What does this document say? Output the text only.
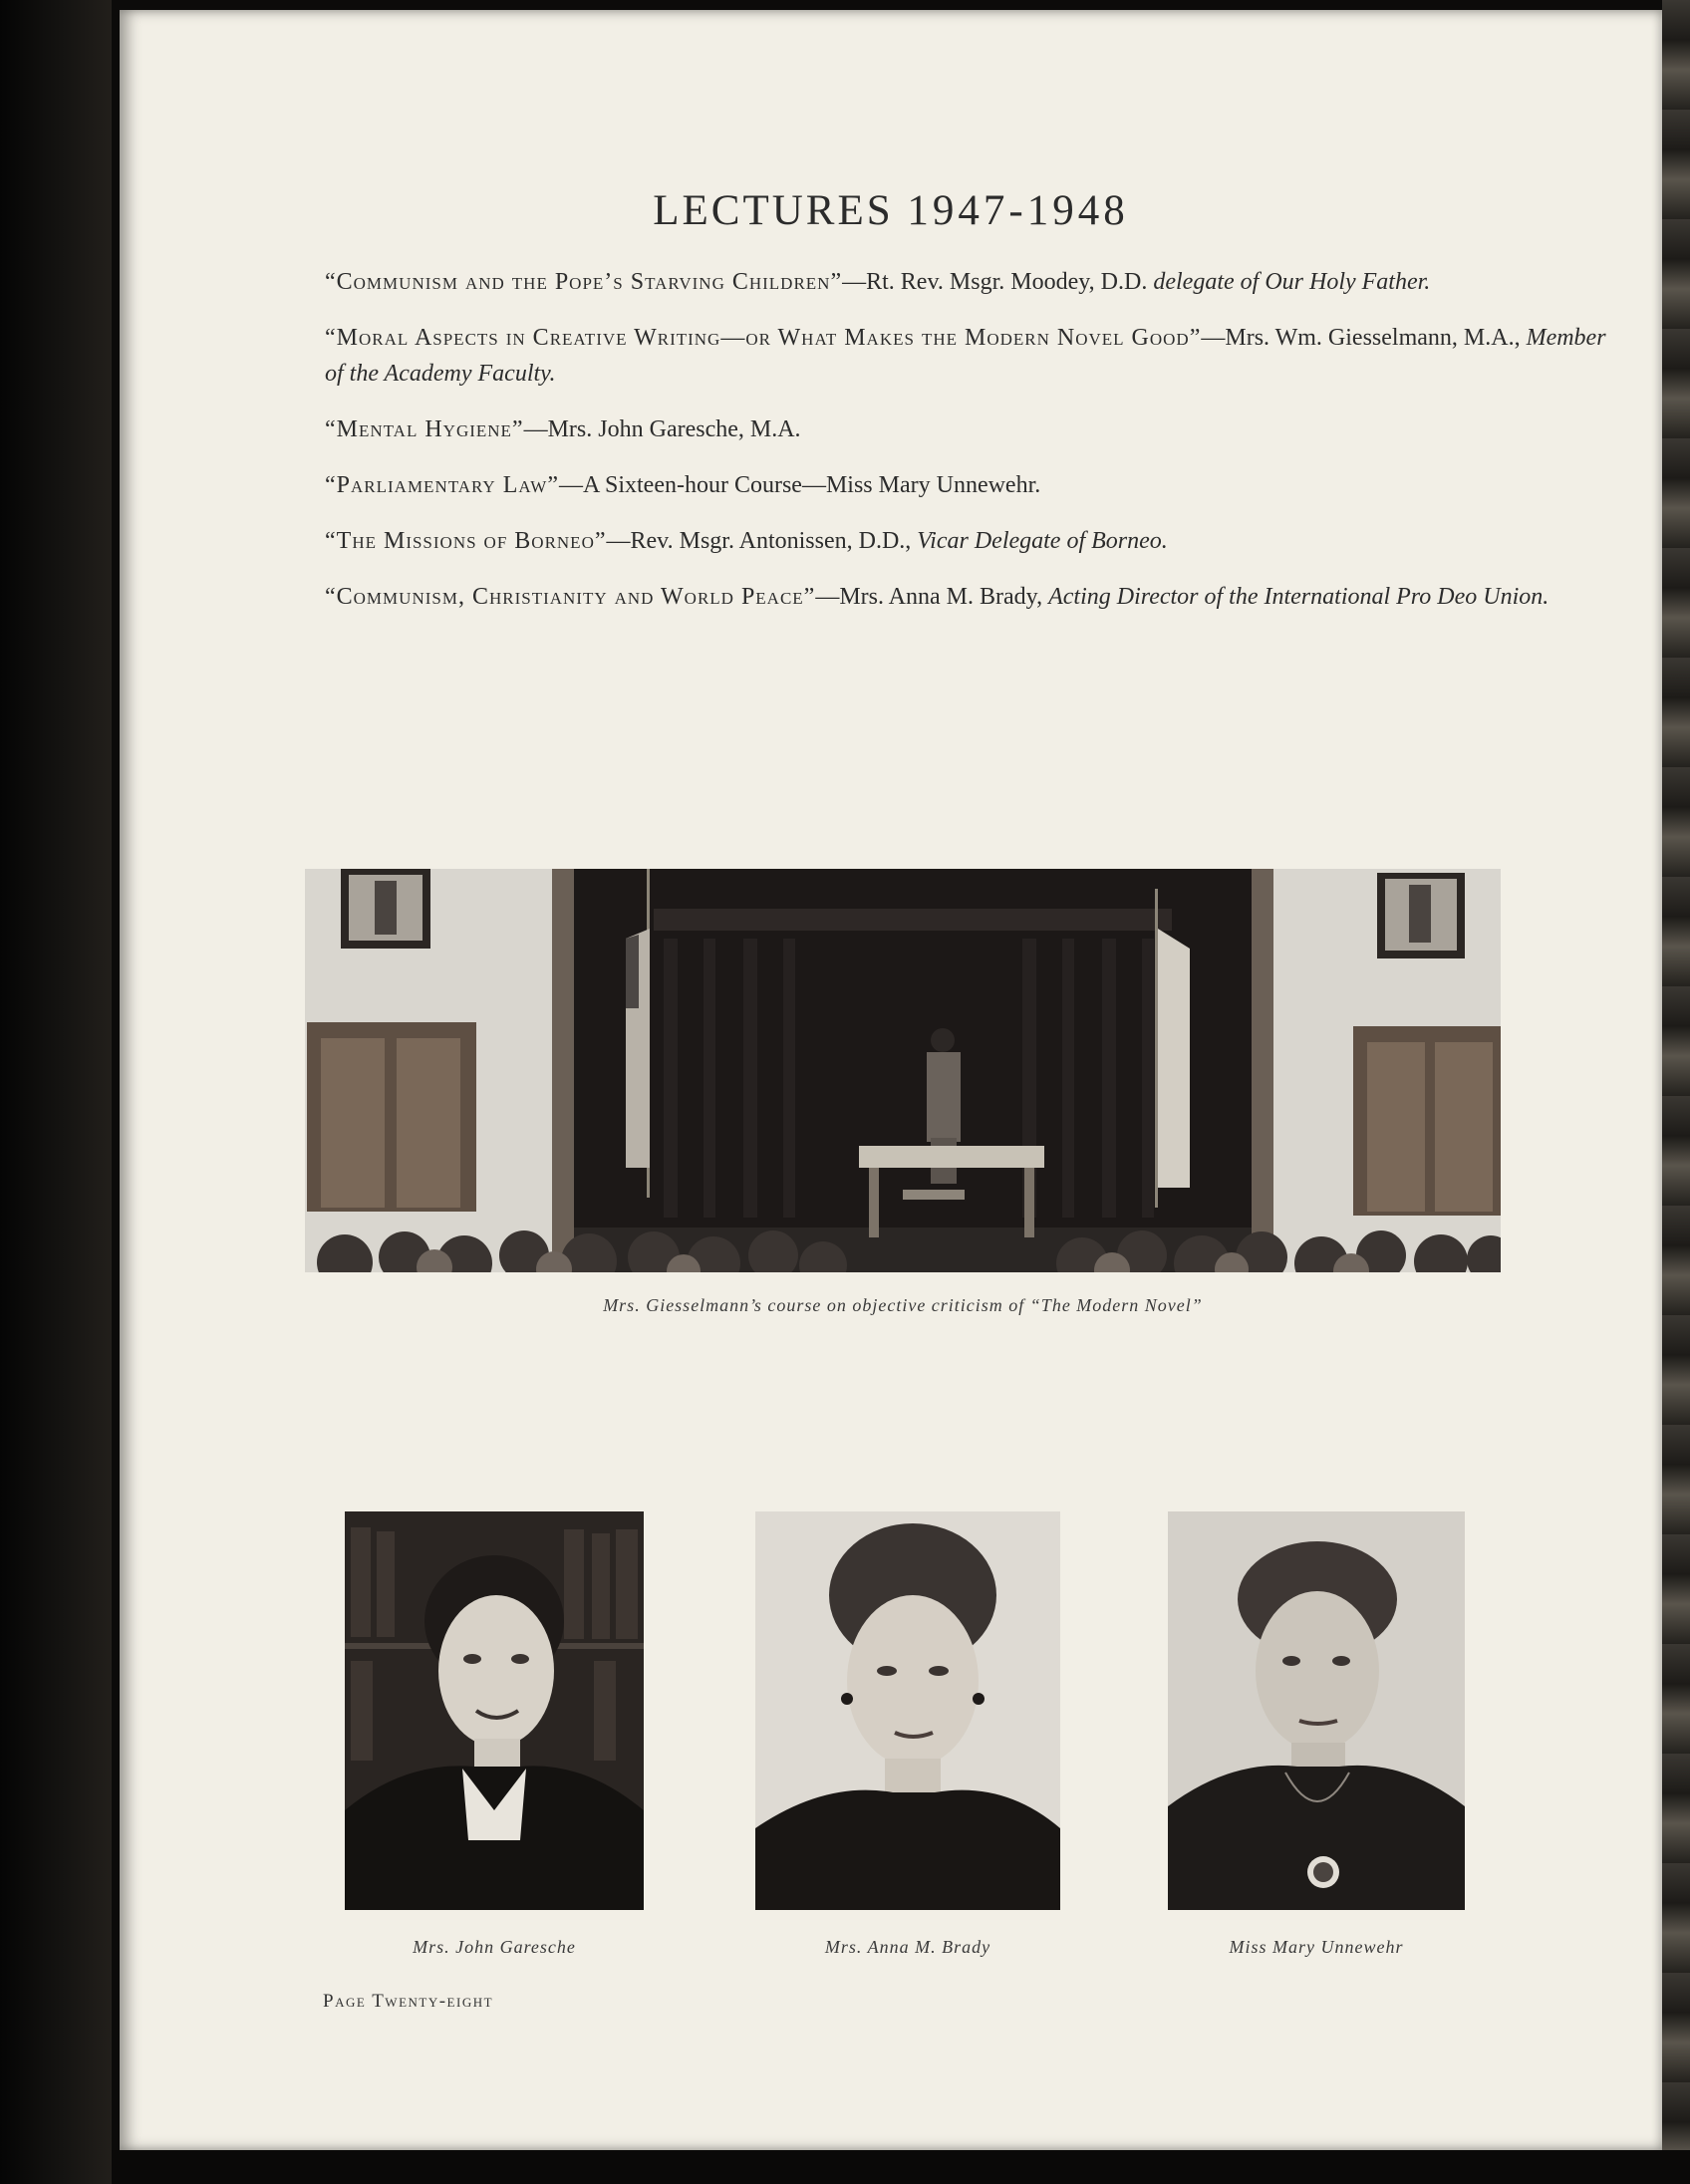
LECTURES 1947-1948

“Communism and the Pope’s Starving Children”—Rt. Rev. Msgr. Moodey, D.D. delegate of Our Holy Father.

“Moral Aspects in Creative Writing—or What Makes the Modern Novel Good”—Mrs. Wm. Giesselmann, M.A., Member of the Academy Faculty.

“Mental Hygiene”—Mrs. John Garesche, M.A.

“Parliamentary Law”—A Sixteen-hour Course—Miss Mary Unnewehr.

“The Missions of Borneo”—Rev. Msgr. Antonissen, D.D., Vicar Delegate of Borneo.

“Communism, Christianity and World Peace”—Mrs. Anna M. Brady, Acting Director of the International Pro Deo Union.

Mrs. Giesselmann’s course on objective criticism of “The Modern Novel”
Mrs. John Garesche	Mrs. Anna M. Brady	Miss Mary Unnewehr
Page Twenty-eight
